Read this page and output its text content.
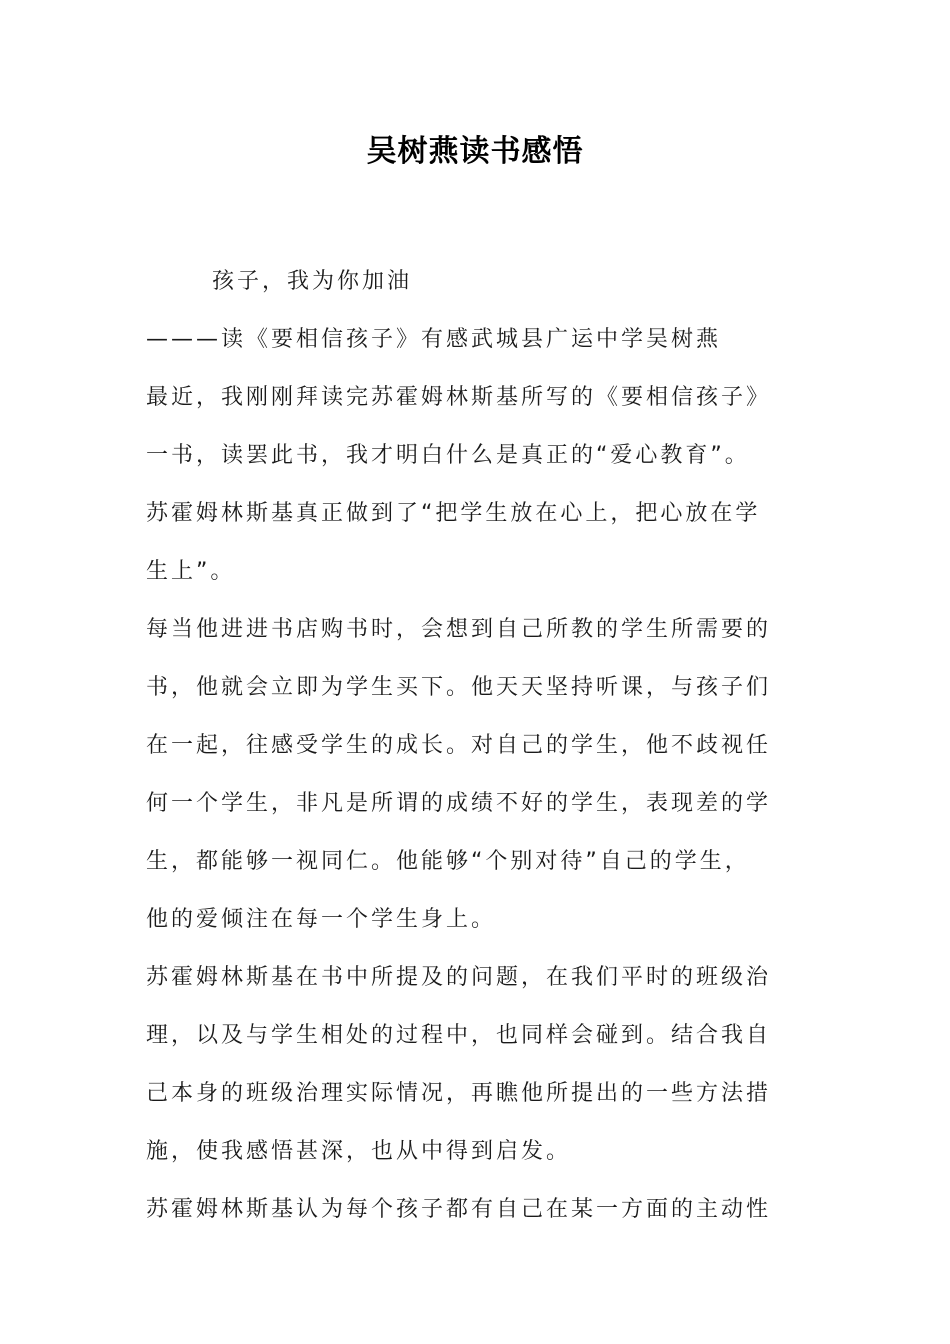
吴树燕读书感悟
孩子，我为你加油
———读《要相信孩子》有感武城县广运中学吴树燕
最近，我刚刚拜读完苏霍姆林斯基所写的《要相信孩子》
一书，读罢此书，我才明白什么是真正的“爱心教育”。
苏霍姆林斯基真正做到了“把学生放在心上，把心放在学
生上”。
每当他进进书店购书时，会想到自己所教的学生所需要的
书，他就会立即为学生买下。他天天坚持听课，与孩子们
在一起，往感受学生的成长。对自己的学生，他不歧视任
何一个学生，非凡是所谓的成绩不好的学生，表现差的学
生，都能够一视同仁。他能够“个别对待”自己的学生，
他的爱倾注在每一个学生身上。
苏霍姆林斯基在书中所提及的问题，在我们平时的班级治
理，以及与学生相处的过程中，也同样会碰到。结合我自
己本身的班级治理实际情况，再瞧他所提出的一些方法措
施，使我感悟甚深，也从中得到启发。
苏霍姆林斯基认为每个孩子都有自己在某一方面的主动性
